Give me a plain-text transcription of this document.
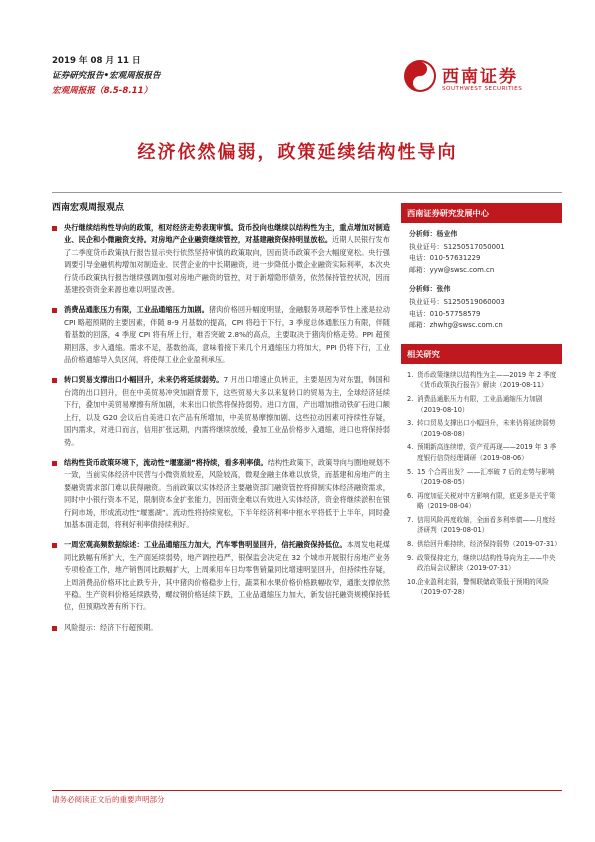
2019 年 08 月 11 日
证券研究报告•宏观周报报告
宏观周报报（8.5-8.11）
西南证券
SOUTHWEST SECURITIES
经济依然偏弱，政策延续结构性导向
西南宏观周报观点
央行继续结构性导向的政策，相对经济走势表现审慎。货币投向也继续以结构性为主，重点增加对制造业、民企和小微融资支持。对房地产企业融资继续管控，对基建融资保持明显放松。近期人民银行发布了二季度货币政策执行报告显示央行依然坚持审慎的政策取向，因而货币政策不会大幅度宽松。央行强调要引导金融机构增加对制造业、民营企业的中长期融资，进一步降低小微企业融资实际利率，本次央行货币政策执行报告继续强调加强对房地产融资的管控，对于新增隐形债务，依然保持管控状况，因而基建投资资金来源也难以明显改善。
消费品通胀压力有限，工业品通缩压力加剧。猪肉价格回升幅度明显，金融服务项超季节性上涨是拉动 CPI 略超预期的主要因素，伴随 8-9 月基数的提高，CPI 将趋于下行，3 季度总体通胀压力有限，伴随着基数的回落，4 季度 CPI 将有所上行，难否突破 2.8%的高点，主要取决于猪肉价格走势。PPI 超预期回落，步入通缩。需求不足，基数抬高，意味着接下来几个月通缩压力将加大，PPI 仍将下行，工业品价格通缩导入负区间，将使得工业企业盈利承压。
转口贸易支撑出口小幅回升，未来仍将延续弱势。7 月出口增速止负转正，主要是因为对东盟，韩国和台湾的出口回升，但在中美贸易冲突加剧背景下，这些贸易大多以来复转口的贸易为主，全球经济延续下行，叠加中美贸易摩擦有所加剧，未来出口依然将保持弱势。进口方面，产出增加推动铁矿石进口额上行，以及 G20 会议后自美进口农产品有所增加，中美贸易摩擦加剧、这些拉动因素可持续性存疑，国内需求，对进口而言，信用扩张远期，内需将继续放缓，叠加工业品价格步入通缩，进口也将保持弱势。
结构性货币政策环境下，流动性“堰塞湖”将持续，看多利率债。结构性政策下，政策导向与圈地规划不一致，当前实体经济中民营与小微资质较差，风险较高，微观金融主体难以放贷，而基建和房地产的主要融资需求部门难以获得融资。当前政策以实体经济主要融资部门融资管控将抑制实体经济融资需求，同时中小银行资本不足，限制资本金扩张能力，因而资金难以有效进入实体经济，资金将继续淤积在银行间市场，形成流动性“堰塞湖”。流动性将持续宽松，下半年经济利率中枢水平将低于上半年，同时叠加基本面走弱，将利好利率债持续利好。
一周宏观高频数据综述：工业品通缩压力加大，汽车零售明显回升，信托融资保持低位。本周发电耗煤同比跌幅有所扩大，生产面延续弱势，地产调控趋严，银保监会决定在 32 个城市开展银行房地产业务专项检查工作，地产销售同比跌幅扩大，上周乘用车日均零售销量同比增速明显回升，但持续性存疑，上周消费品价格环比止跌专升，其中猪肉价格稳步上行，蔬菜和水果价格价格跌幅收窄，通胀支撑依然平稳。生产资料价格延续跌势，螺纹钢价格延续下跌，工业品通缩压力加大，新发信托融资规模保持低位，但预期改善有所下行。
风险提示：经济下行超预期。
西南证券研究发展中心
分析师：杨业伟
执业证号：S1250517050001
电话：010-57631229
邮箱：yyw@swsc.com.cn
分析师：张伟
执业证号：S1250519060003
电话：010-57758579
邮箱：zhwhg@swsc.com.cn
相关研究
1. 货币政策继续以结构性为主——2019 年 2 季度《货币政策执行报告》解读（2019-08-11）
2. 消费品通胀压力有限，工业品通缩压力加剧（2019-08-10）
3. 转口贸易支撑出口小幅回升，未来仍将延续弱势（2019-08-08）
4. 预期新高连续增，资产荒再现——2019 年 3 季度银行信贷经理调研（2019-08-06）
5. 15 个合再出发？——汇率破 7 后的走势与影响（2019-08-05）
6. 再度加征关税对中方影响有限，底更多是关乎策略（2019-08-04）
7. 信用风险再度收缩，全面看多利率债——月度经济研判（2019-08-01）
8. 供给回升难持续，经济保持弱势（2019-07-31）
9. 政策保持定力，继续以结构性导向为主——中央政治局会议解读（2019-07-31）
10. 企业盈利走弱，警惕联储政策低于预期的风险（2019-07-28）
请务必阅读正文后的重要声明部分
